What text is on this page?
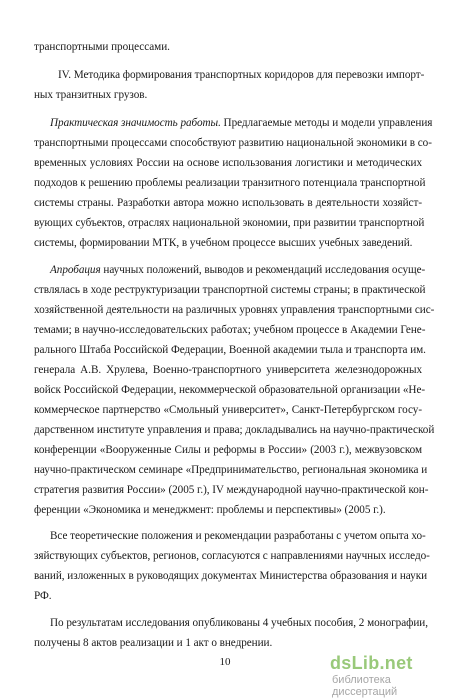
транспортными процессами.

IV. Методика формирования транспортных коридоров для перевозки импорт-

ных транзитных грузов.

Практическая значимость работы. Предлагаемые методы и модели управления

транспортными процессами способствуют развитию национальной экономики в со-

временных условиях России на основе использования логистики и методических

подходов к решению проблемы реализации транзитного потенциала транспортной

системы страны. Разработки автора можно использовать в деятельности хозяйст-

вующих субъектов, отраслях национальной экономии, при развитии транспортной

системы, формировании МТК, в учебном процессе высших учебных заведений.

Апробация научных положений, выводов и рекомендаций исследования осуще-

ствлялась в ходе реструктуризации транспортной системы страны; в практической

хозяйственной деятельности на различных уровнях управления транспортными сис-

темами; в научно-исследовательских работах; учебном процессе в Академии Гене-

рального Штаба Российской Федерации, Военной академии тыла и транспорта им.

генерала А.В. Хрулева, Военно-транспортного университета железнодорожных

войск Российской Федерации, некоммерческой образовательной организации «Не-

коммерческое партнерство «Смольный университет», Санкт-Петербургском госу-

дарственном институте управления и права; докладывались на научно-практической

конференции «Вооруженные Силы и реформы в России» (2003 г.), межвузовском

научно-практическом семинаре «Предпринимательство, региональная экономика и

стратегия развития России» (2005 г.), IV международной научно-практической кон-

ференции «Экономика и менеджмент: проблемы и перспективы» (2005 г.).

Все теоретические положения и рекомендации разработаны с учетом опыта хо-

зяйствующих субъектов, регионов, согласуются с направлениями научных исследо-

ваний, изложенных в руководящих документах Министерства образования и науки

РФ.

По результатам исследования опубликованы 4 учебных пособия, 2 монографии,

получены 8 актов реализации и 1 акт о внедрении.

10	dsLib.net
библиотека диссертаций
